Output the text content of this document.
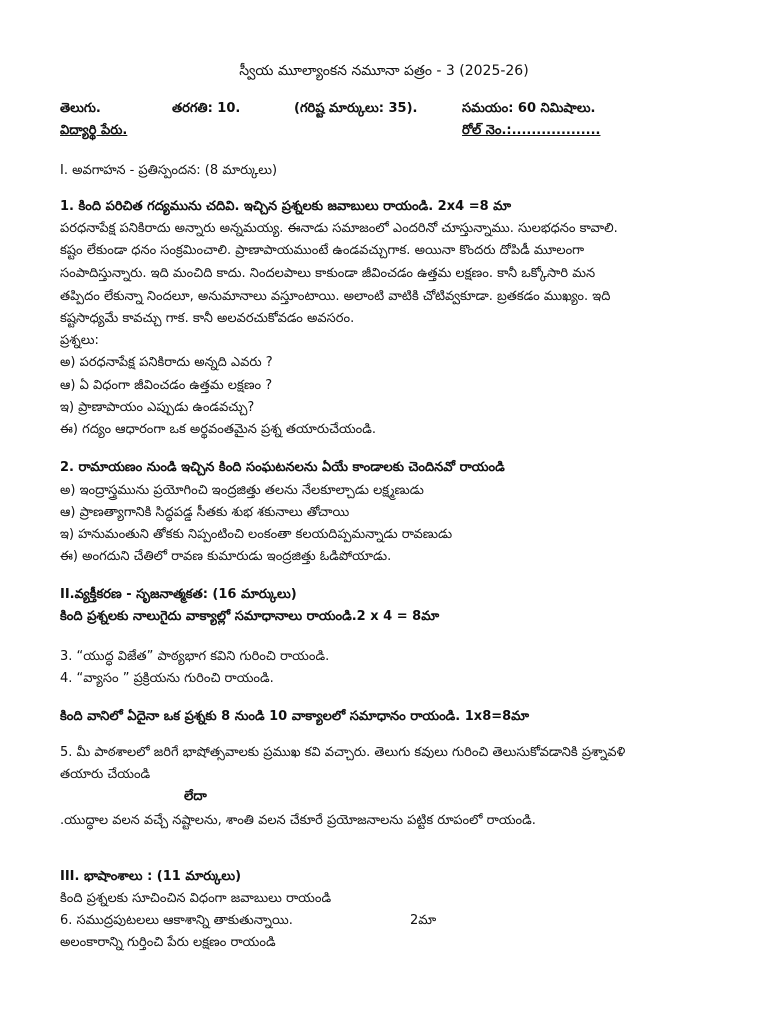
స్వీయ మూల్యాంకన నమూనా పత్రం - 3 (2025-26)
తెలుగు.	తరగతి: 10.	(గరిష్ట మార్కులు: 35).	సమయం: 60 నిమిషాలు.
విద్యార్థి పేరు.	రోల్ నెం.:..................
I. అవగాహన - ప్రతిస్పందన: (8 మార్కులు)
1. కింది పరిచిత గద్యమును చదివి. ఇచ్చిన ప్రశ్నలకు జవాబులు రాయండి. 2x4 =8 మా
పరధనాపేక్ష పనికిరాదు అన్నారు అన్నమయ్య. ఈనాడు సమాజంలో ఎందరినో చూస్తున్నాము. సులభధనం కావాలి.
కష్టం లేకుండా ధనం సంక్రమించాలి. ప్రాణాపాయముంటే ఉండవచ్చుగాక. అయినా కొందరు దోపిడీ మూలంగా
సంపాదిస్తున్నారు. ఇది మంచిది కాదు. నిందలపాలు కాకుండా జీవించడం ఉత్తమ లక్షణం. కానీ ఒక్కోసారి మన
తప్పిదం లేకున్నా నిందలూ, అనుమానాలు వస్తూంటాయి. అలాంటి వాటికి చోటివ్వకూడా. బ్రతకడం ముఖ్యం. ఇది
కష్టసాధ్యమే కావచ్చు గాక. కానీ అలవరచుకోవడం అవసరం.
ప్రశ్నలు:
అ) పరధనాపేక్ష పనికిరాదు అన్నది ఎవరు ?
ఆ) ఏ విధంగా జీవించడం ఉత్తమ లక్షణం ?
ఇ) ప్రాణాపాయం ఎప్పుడు ఉండవచ్చు?
ఈ) గద్యం ఆధారంగా ఒక అర్థవంతమైన ప్రశ్న తయారుచేయండి.
2. రామాయణం నుండి ఇచ్చిన కింది సంఘటనలను ఏయే కాండాలకు చెందినవో రాయండి
అ) ఇంద్రాస్త్రమును ప్రయోగించి ఇంద్రజిత్తు తలను నేలకూల్చాడు లక్ష్మణుడు
ఆ) ప్రాణత్యాగానికి సిద్ధపడ్డ సీతకు శుభ శకునాలు తోచాయి
ఇ) హనుమంతుని తోకకు నిప్పంటించి లంకంతా కలయదిప్పమన్నాడు రావణుడు
ఈ) అంగదుని చేతిలో రావణ కుమారుడు ఇంద్రజిత్తు ఓడిపోయాడు.
II.వ్యక్తీకరణ - సృజనాత్మకత: (16 మార్కులు)
కింది ప్రశ్నలకు నాలుగైదు వాక్యాల్లో సమాధానాలు రాయండి.2 x 4 = 8మా
3. “యుద్ధ విజేత” పాఠ్యభాగ కవిని గురించి రాయండి.
4. “వ్యాసం ” ప్రక్రియను గురించి రాయండి.
కింది వానిలో ఏదైనా ఒక ప్రశ్నకు 8 నుండి 10 వాక్యాలలో సమాధానం రాయండి. 1x8=8మా
5. మీ పాఠశాలలో జరిగే భాషోత్సవాలకు ప్రముఖ కవి వచ్చారు. తెలుగు కవులు గురించి తెలుసుకోవడానికి ప్రశ్నావళి
తయారు చేయండి
లేదా
.యుద్ధాల వలన వచ్చే నష్టాలను, శాంతి వలన చేకూరే ప్రయోజనాలను పట్టిక రూపంలో రాయండి.
III. భాషాంశాలు : (11 మార్కులు)
కింది ప్రశ్నలకు సూచించిన విధంగా జవాబులు రాయండి
6. సముద్రపుటలలు ఆకాశాన్ని తాకుతున్నాయి.	2మా
అలంకారాన్ని గుర్తించి పేరు లక్షణం రాయండి
